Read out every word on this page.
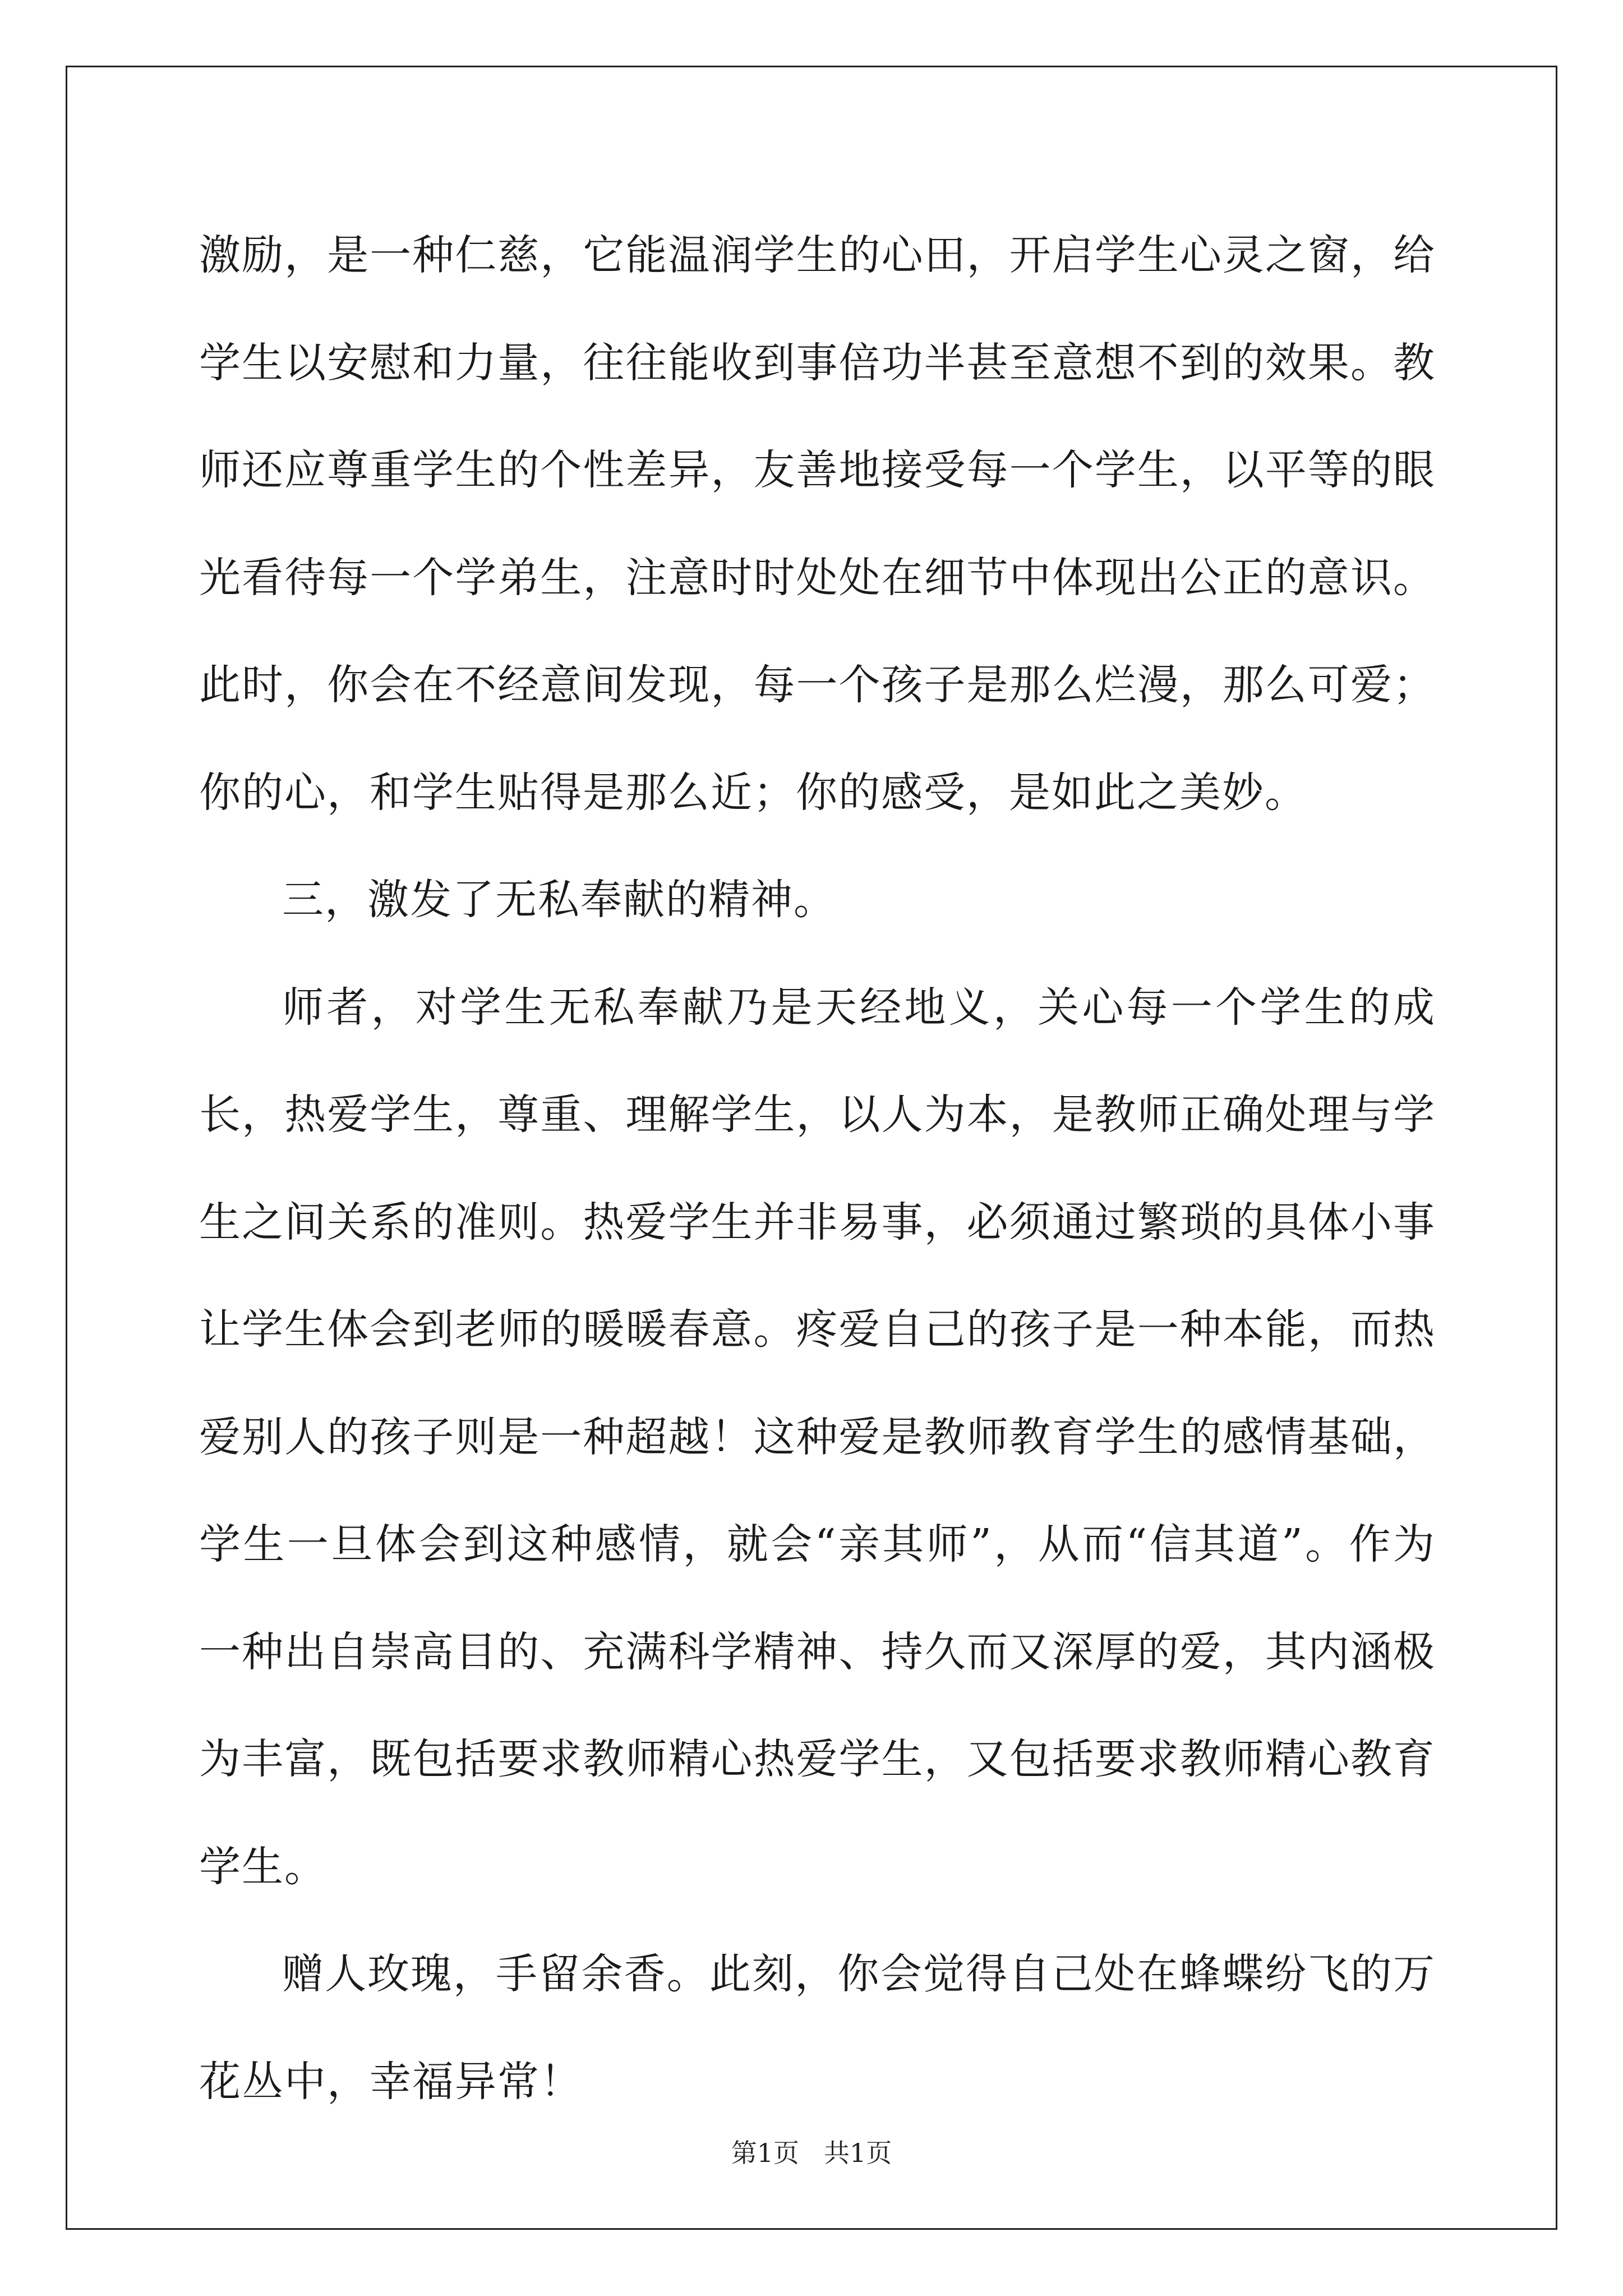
激励，是一种仁慈，它能温润学生的心田，开启学生心灵之窗，给学生以安慰和力量，往往能收到事倍功半甚至意想不到的效果。教师还应尊重学生的个性差异，友善地接受每一个学生，以平等的眼光看待每一个学弟生，注意时时处处在细节中体现出公正的意识。此时，你会在不经意间发现，每一个孩子是那么烂漫，那么可爱；你的心，和学生贴得是那么近；你的感受，是如此之美妙。

三，激发了无私奉献的精神。

师者，对学生无私奉献乃是天经地义，关心每一个学生的成长，热爱学生，尊重、理解学生，以人为本，是教师正确处理与学生之间关系的准则。热爱学生并非易事，必须通过繁琐的具体小事让学生体会到老师的暖暖春意。疼爱自己的孩子是一种本能，而热爱别人的孩子则是一种超越！这种爱是教师教育学生的感情基础，学生一旦体会到这种感情，就会“亲其师”，从而“信其道”。作为一种出自崇高目的、充满科学精神、持久而又深厚的爱，其内涵极为丰富，既包括要求教师精心热爱学生，又包括要求教师精心教育学生。

赠人玫瑰，手留余香。此刻，你会觉得自己处在蜂蝶纷飞的万花丛中，幸福异常！

第1页 共1页
